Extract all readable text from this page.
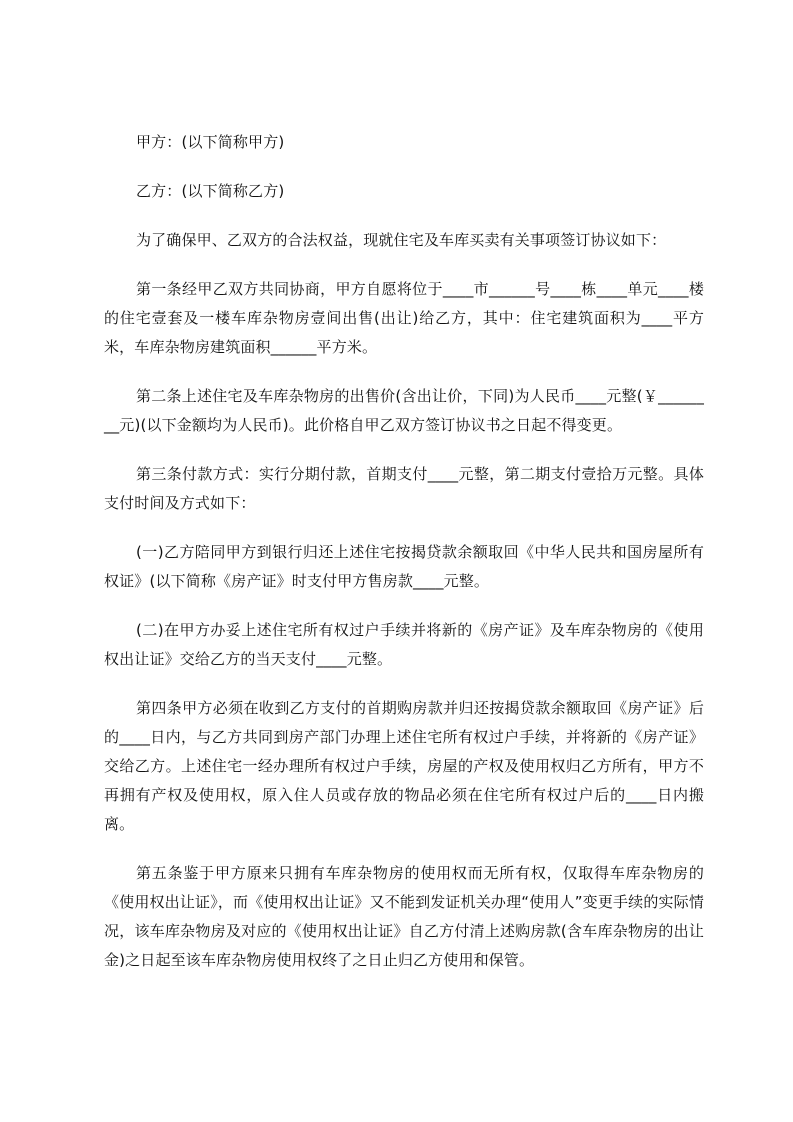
甲方：(以下简称甲方)

乙方：(以下简称乙方)

为了确保甲、乙双方的合法权益，现就住宅及车库买卖有关事项签订协议如下：

第一条经甲乙双方共同协商，甲方自愿将位于____市______号____栋____单元____楼的住宅壹套及一楼车库杂物房壹间出售(出让)给乙方，其中：住宅建筑面积为____平方米，车库杂物房建筑面积______平方米。

第二条上述住宅及车库杂物房的出售价(含出让价，下同)为人民币____元整(￥________元)(以下金额均为人民币)。此价格自甲乙双方签订协议书之日起不得变更。

第三条付款方式：实行分期付款，首期支付____元整，第二期支付壹拾万元整。具体支付时间及方式如下：

(一)乙方陪同甲方到银行归还上述住宅按揭贷款余额取回《中华人民共和国房屋所有权证》(以下简称《房产证》时支付甲方售房款____元整。

(二)在甲方办妥上述住宅所有权过户手续并将新的《房产证》及车库杂物房的《使用权出让证》交给乙方的当天支付____元整。

第四条甲方必须在收到乙方支付的首期购房款并归还按揭贷款余额取回《房产证》后的____日内，与乙方共同到房产部门办理上述住宅所有权过户手续，并将新的《房产证》交给乙方。上述住宅一经办理所有权过户手续，房屋的产权及使用权归乙方所有，甲方不再拥有产权及使用权，原入住人员或存放的物品必须在住宅所有权过户后的____日内搬离。

第五条鉴于甲方原来只拥有车库杂物房的使用权而无所有权，仅取得车库杂物房的《使用权出让证》，而《使用权出让证》又不能到发证机关办理“使用人”变更手续的实际情况，该车库杂物房及对应的《使用权出让证》自乙方付清上述购房款(含车库杂物房的出让金)之日起至该车库杂物房使用权终了之日止归乙方使用和保管。
